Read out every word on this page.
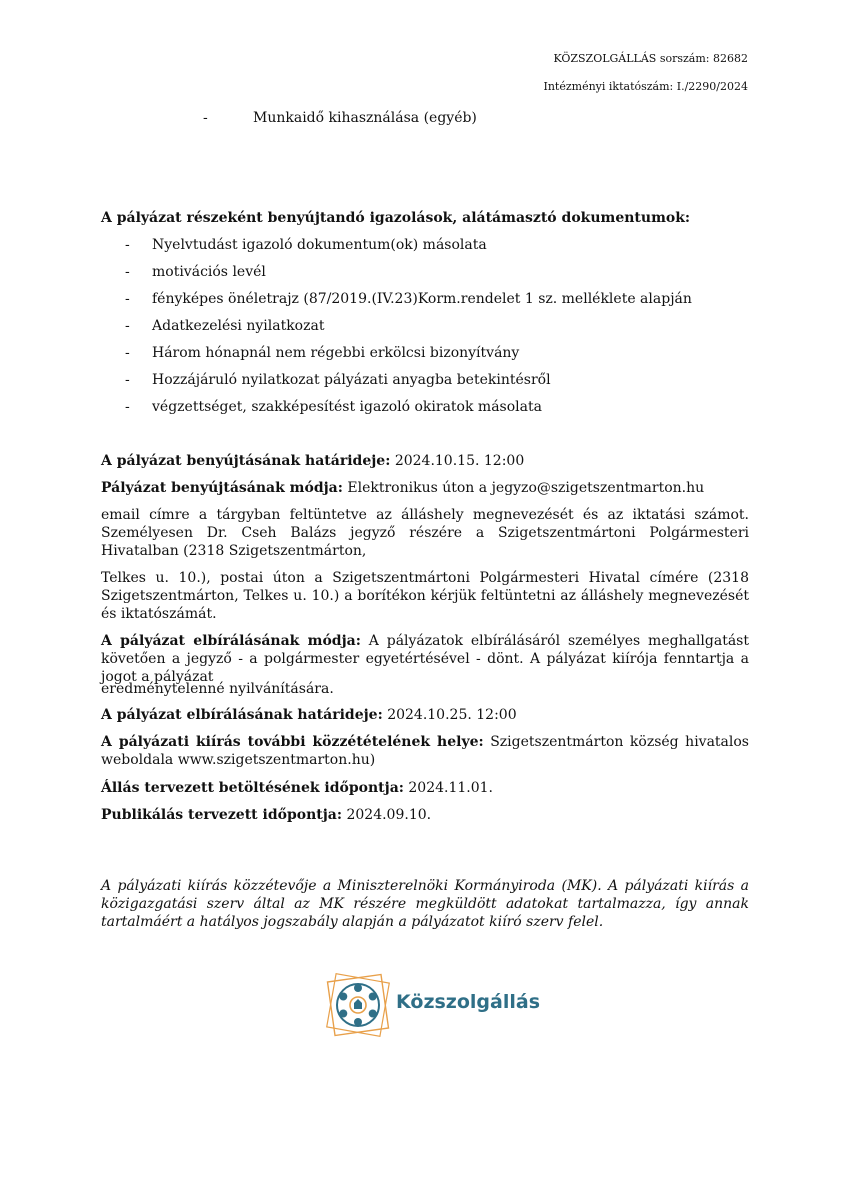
KÖZSZOLGÁLLÁS sorszám: 82682
Intézményi iktatószám: I./2290/2024
-	Munkaidő kihasználása (egyéb)
A pályázat részeként benyújtandó igazolások, alátámasztó dokumentumok:
- Nyelvtudást igazoló dokumentum(ok) másolata
- motivációs levél
- fényképes önéletrajz (87/2019.(IV.23)Korm.rendelet 1 sz. melléklete alapján
- Adatkezelési nyilatkozat
- Három hónapnál nem régebbi erkölcsi bizonyítvány
- Hozzájáruló nyilatkozat pályázati anyagba betekintésről
- végzettséget, szakképesítést igazoló okiratok másolata
A pályázat benyújtásának határideje: 2024.10.15. 12:00
Pályázat benyújtásának módja: Elektronikus úton a jegyzo@szigetszentmarton.hu
email címre a tárgyban feltüntetve az álláshely megnevezését és az iktatási számot. Személyesen Dr. Cseh Balázs jegyző részére a Szigetszentmártoni Polgármesteri Hivatalban (2318 Szigetszentmárton,
Telkes u. 10.), postai úton a Szigetszentmártoni Polgármesteri Hivatal címére (2318 Szigetszentmárton, Telkes u. 10.) a borítékon kérjük feltüntetni az álláshely megnevezését és iktatószámát.
A pályázat elbírálásának módja: A pályázatok elbírálásáról személyes meghallgatást követően a jegyző - a polgármester egyetértésével - dönt. A pályázat kiírója fenntartja a jogot a pályázat
eredménytelenné nyilvánítására.
A pályázat elbírálásának határideje: 2024.10.25. 12:00
A pályázati kiírás további közzétételének helye: Szigetszentmárton község hivatalos weboldala www.szigetszentmarton.hu)
Állás tervezett betöltésének időpontja: 2024.11.01.
Publikálás tervezett időpontja: 2024.09.10.
A pályázati kiírás közzétevője a Miniszterelnöki Kormányiroda (MK). A pályázati kiírás a közigazgatási szerv által az MK részére megküldött adatokat tartalmazza, így annak tartalmáért a hatályos jogszabály alapján a pályázatot kiíró szerv felel.
Közszolgállás
